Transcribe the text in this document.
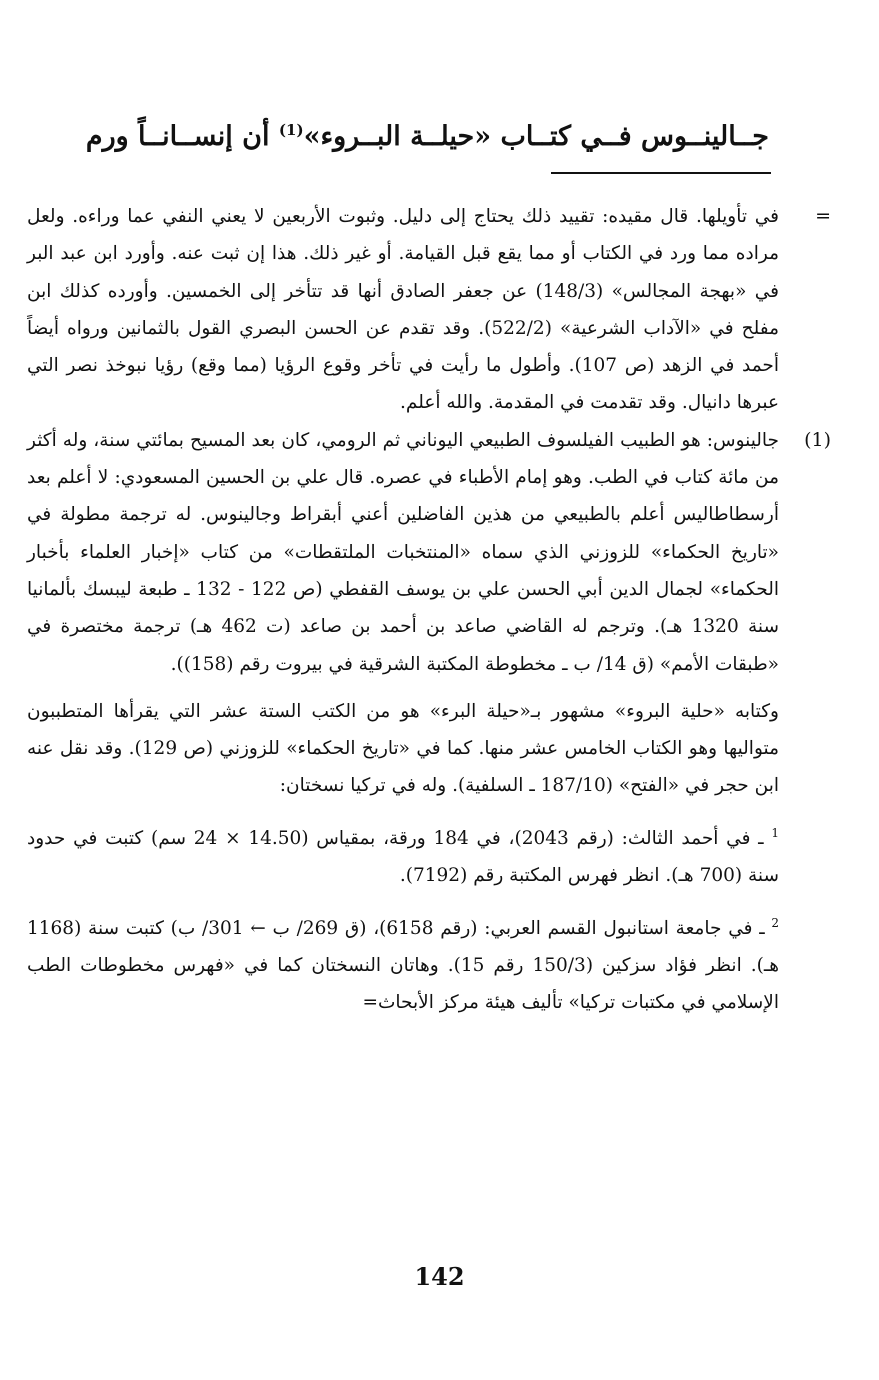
جــالينــوس فــي كتــاب «حيلــة البــروء»$^{(1)}$ أن إنســانــاً ورم
=
في تأويلها. قال مقيده: تقييد ذلك يحتاج إلى دليل. وثبوت الأربعين لا يعني النفي عما وراءه. ولعل مراده مما ورد في الكتاب أو مما يقع قبل القيامة. أو غير ذلك. هذا إن ثبت عنه. وأورد ابن عبد البر في «بهجة المجالس» (148/3) عن جعفر الصادق أنها قد تتأخر إلى الخمسين. وأورده كذلك ابن مفلح في «الآداب الشرعية» (522/2). وقد تقدم عن الحسن البصري القول بالثمانين ورواه أيضاً أحمد في الزهد (ص 107). وأطول ما رأيت في تأخر وقوع الرؤيا (مما وقع) رؤيا نبوخذ نصر التي عبرها دانيال. وقد تقدمت في المقدمة. والله أعلم.
(1)
جالينوس: هو الطبيب الفيلسوف الطبيعي اليوناني ثم الرومي، كان بعد المسيح بمائتي سنة، وله أكثر من مائة كتاب في الطب. وهو إمام الأطباء في عصره. قال علي بن الحسين المسعودي: لا أعلم بعد أرسطاطاليس أعلم بالطبيعي من هذين الفاضلين أعني أبقراط وجالينوس. له ترجمة مطولة في «تاريخ الحكماء» للزوزني الذي سماه «المنتخبات الملتقطات» من كتاب «إخبار العلماء بأخبار الحكماء» لجمال الدين أبي الحسن علي بن يوسف القفطي (ص 122 - 132 ـ طبعة ليبسك بألمانيا سنة 1320 هـ). وترجم له القاضي صاعد بن أحمد بن صاعد (ت 462 هـ) ترجمة مختصرة في «طبقات الأمم» (ق 14/ ب ـ مخطوطة المكتبة الشرقية في بيروت رقم (158)).
وكتابه «حلية البروء» مشهور بـ«حيلة البرء» هو من الكتب الستة عشر التي يقرأها المتطببون متواليها وهو الكتاب الخامس عشر منها. كما في «تاريخ الحكماء» للزوزني (ص 129). وقد نقل عنه ابن حجر في «الفتح» (187/10 ـ السلفية). وله في تركيا نسختان:
$^1$ ـ في أحمد الثالث: (رقم 2043)، في 184 ورقة، بمقياس (14.50 × 24 سم) كتبت في حدود سنة (700 هـ). انظر فهرس المكتبة رقم (7192).
$^2$ ـ في جامعة استانبول القسم العربي: (رقم 6158)، (ق 269/ ب ← 301/ ب) كتبت سنة (1168 هـ). انظر فؤاد سزكين (150/3 رقم 15). وهاتان النسختان كما في «فهرس مخطوطات الطب الإسلامي في مكتبات تركيا» تأليف هيئة مركز الأبحاث=
142
